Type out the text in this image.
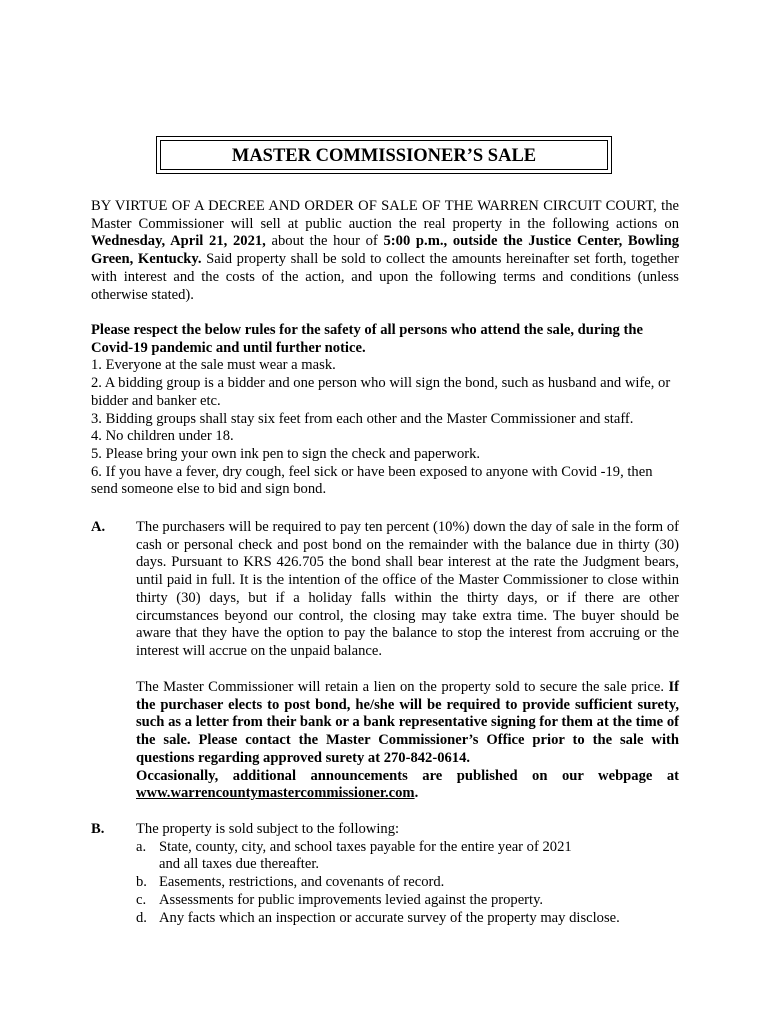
MASTER COMMISSIONER’S SALE
BY VIRTUE OF A DECREE AND ORDER OF SALE OF THE WARREN CIRCUIT COURT, the Master Commissioner will sell at public auction the real property in the following actions on Wednesday, April 21, 2021, about the hour of 5:00 p.m., outside the Justice Center, Bowling Green, Kentucky. Said property shall be sold to collect the amounts hereinafter set forth, together with interest and the costs of the action, and upon the following terms and conditions (unless otherwise stated).
Please respect the below rules for the safety of all persons who attend the sale, during the Covid-19 pandemic and until further notice.
1. Everyone at the sale must wear a mask.
2. A bidding group is a bidder and one person who will sign the bond, such as husband and wife, or bidder and banker etc.
3. Bidding groups shall stay six feet from each other and the Master Commissioner and staff.
4. No children under 18.
5. Please bring your own ink pen to sign the check and paperwork.
6. If you have a fever, dry cough, feel sick or have been exposed to anyone with Covid -19, then send someone else to bid and sign bond.
A. The purchasers will be required to pay ten percent (10%) down the day of sale in the form of cash or personal check and post bond on the remainder with the balance due in thirty (30) days. Pursuant to KRS 426.705 the bond shall bear interest at the rate the Judgment bears, until paid in full. It is the intention of the office of the Master Commissioner to close within thirty (30) days, but if a holiday falls within the thirty days, or if there are other circumstances beyond our control, the closing may take extra time. The buyer should be aware that they have the option to pay the balance to stop the interest from accruing or the interest will accrue on the unpaid balance.
The Master Commissioner will retain a lien on the property sold to secure the sale price. If the purchaser elects to post bond, he/she will be required to provide sufficient surety, such as a letter from their bank or a bank representative signing for them at the time of the sale. Please contact the Master Commissioner’s Office prior to the sale with questions regarding approved surety at 270-842-0614.
Occasionally, additional announcements are published on our webpage at www.warrencountymastercommissioner.com.
B. The property is sold subject to the following:
a. State, county, city, and school taxes payable for the entire year of 2021
and all taxes due thereafter.
b. Easements, restrictions, and covenants of record.
c. Assessments for public improvements levied against the property.
d. Any facts which an inspection or accurate survey of the property may disclose.
